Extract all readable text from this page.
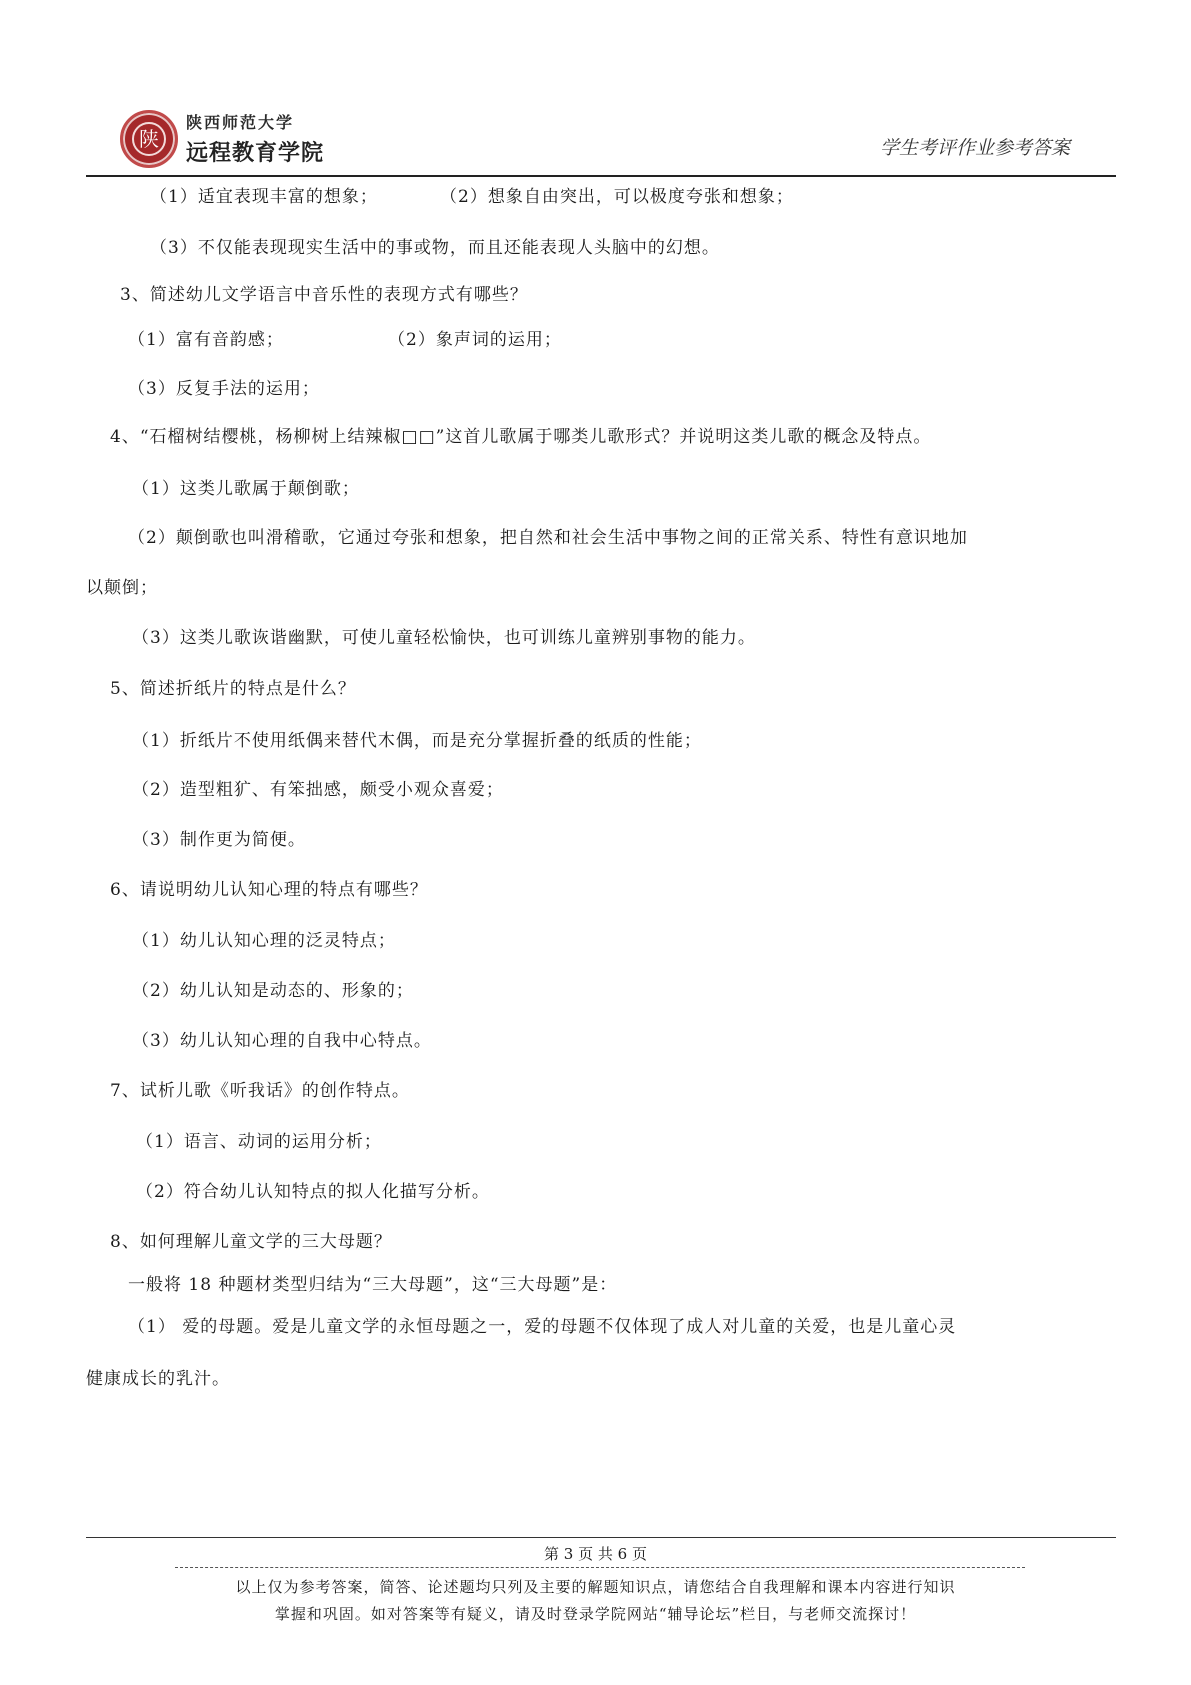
陕
陕西师范大学
远程教育学院	学生考评作业参考答案
（1）适宜表现丰富的想象；	（2）想象自由突出，可以极度夸张和想象；
（3）不仅能表现现实生活中的事或物，而且还能表现人头脑中的幻想。
3、简述幼儿文学语言中音乐性的表现方式有哪些？
（1）富有音韵感；	（2）象声词的运用；
（3）反复手法的运用；
4、“石榴树结樱桃，杨柳树上结辣椒□□”这首儿歌属于哪类儿歌形式？并说明这类儿歌的概念及特点。
（1）这类儿歌属于颠倒歌；
（2）颠倒歌也叫滑稽歌，它通过夸张和想象，把自然和社会生活中事物之间的正常关系、特性有意识地加
以颠倒；
（3）这类儿歌诙谐幽默，可使儿童轻松愉快，也可训练儿童辨别事物的能力。
5、简述折纸片的特点是什么？
（1）折纸片不使用纸偶来替代木偶，而是充分掌握折叠的纸质的性能；
（2）造型粗犷、有笨拙感，颇受小观众喜爱；
（3）制作更为简便。
6、请说明幼儿认知心理的特点有哪些？
（1）幼儿认知心理的泛灵特点；
（2）幼儿认知是动态的、形象的；
（3）幼儿认知心理的自我中心特点。
7、试析儿歌《听我话》的创作特点。
（1）语言、动词的运用分析；
（2）符合幼儿认知特点的拟人化描写分析。
8、如何理解儿童文学的三大母题？
一般将 18 种题材类型归结为“三大母题”，这“三大母题”是：
（1） 爱的母题。爱是儿童文学的永恒母题之一，爱的母题不仅体现了成人对儿童的关爱，也是儿童心灵
健康成长的乳汁。
第 3 页 共 6 页
以上仅为参考答案，简答、论述题均只列及主要的解题知识点，请您结合自我理解和课本内容进行知识
掌握和巩固。如对答案等有疑义，请及时登录学院网站“辅导论坛”栏目，与老师交流探讨！
